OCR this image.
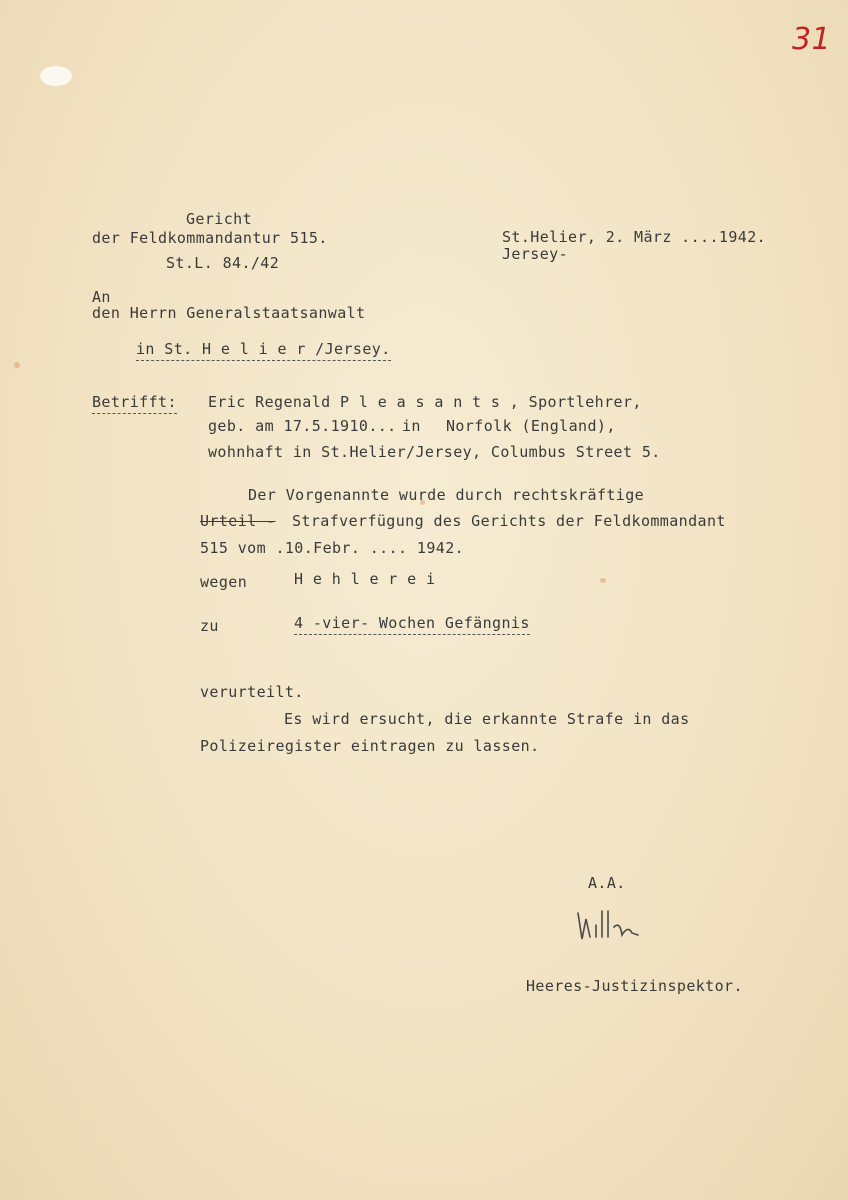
31
Gericht
der Feldkommandantur 515.
St.L. 84./42
St.Helier, 2. März ....1942.
Jersey-
An
den Herrn Generalstaatsanwalt
in St. H e l i e r /Jersey.
Betrifft: Eric Regenald P l e a s a n t s , Sportlehrer,
geb. am 17.5.1910... in Norfolk (England),
wohnhaft in St.Helier/Jersey, Columbus Street 5.
Der Vorgenannte wurde durch rechtskräftige
Urteil - Strafverfügung des Gerichts der Feldkommandant
515 vom .10.Febr. .... 1942.
wegen	H e h l e r e i
zu	4 -vier- Wochen Gefängnis
verurteilt.
Es wird ersucht, die erkannte Strafe in das
Polizeiregister eintragen zu lassen.
A.A.
Heeres-Justizinspektor.
